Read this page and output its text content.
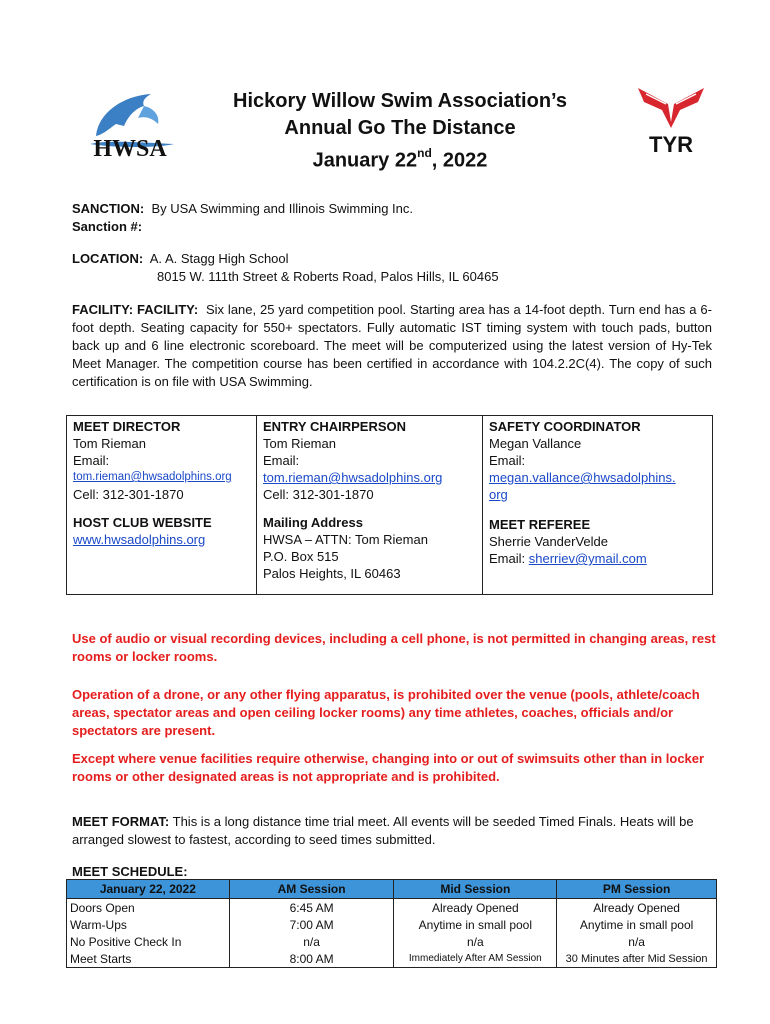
HWSA	TYR
Hickory Willow Swim Association’s
Annual Go The Distance
January 22nd, 2022
SANCTION: By USA Swimming and Illinois Swimming Inc.
Sanction #:
LOCATION: A. A. Stagg High School
8015 W. 111th Street & Roberts Road, Palos Hills, IL 60465
FACILITY: FACILITY: Six lane, 25 yard competition pool. Starting area has a 14-foot depth. Turn end has a 6-foot depth. Seating capacity for 550+ spectators. Fully automatic IST timing system with touch pads, button back up and 6 line electronic scoreboard. The meet will be computerized using the latest version of Hy-Tek Meet Manager. The competition course has been certified in accordance with 104.2.2C(4). The copy of such certification is on file with USA Swimming.
MEET DIRECTOR
Tom Rieman
Email:
tom.rieman@hwsadolphins.org
Cell: 312-301-1870
HOST CLUB WEBSITE
www.hwsadolphins.org
ENTRY CHAIRPERSON
Tom Rieman
Email:
tom.rieman@hwsadolphins.org
Cell: 312-301-1870
Mailing Address
HWSA – ATTN: Tom Rieman
P.O. Box 515
Palos Heights, IL 60463
SAFETY COORDINATOR
Megan Vallance
Email:
megan.vallance@hwsadolphins.
org
MEET REFEREE
Sherrie VanderVelde
Email: sherriev@ymail.com
Use of audio or visual recording devices, including a cell phone, is not permitted in changing areas, rest rooms or locker rooms.
Operation of a drone, or any other flying apparatus, is prohibited over the venue (pools, athlete/coach areas, spectator areas and open ceiling locker rooms) any time athletes, coaches, officials and/or spectators are present.
Except where venue facilities require otherwise, changing into or out of swimsuits other than in locker rooms or other designated areas is not appropriate and is prohibited.
MEET FORMAT: This is a long distance time trial meet. All events will be seeded Timed Finals. Heats will be arranged slowest to fastest, according to seed times submitted.
MEET SCHEDULE:
January 22, 2022	AM Session	Mid Session	PM Session
Doors Open	6:45 AM	Already Opened	Already Opened
Warm-Ups	7:00 AM	Anytime in small pool	Anytime in small pool
No Positive Check In	n/a	n/a	n/a
Meet Starts	8:00 AM	Immediately After AM Session	30 Minutes after Mid Session
